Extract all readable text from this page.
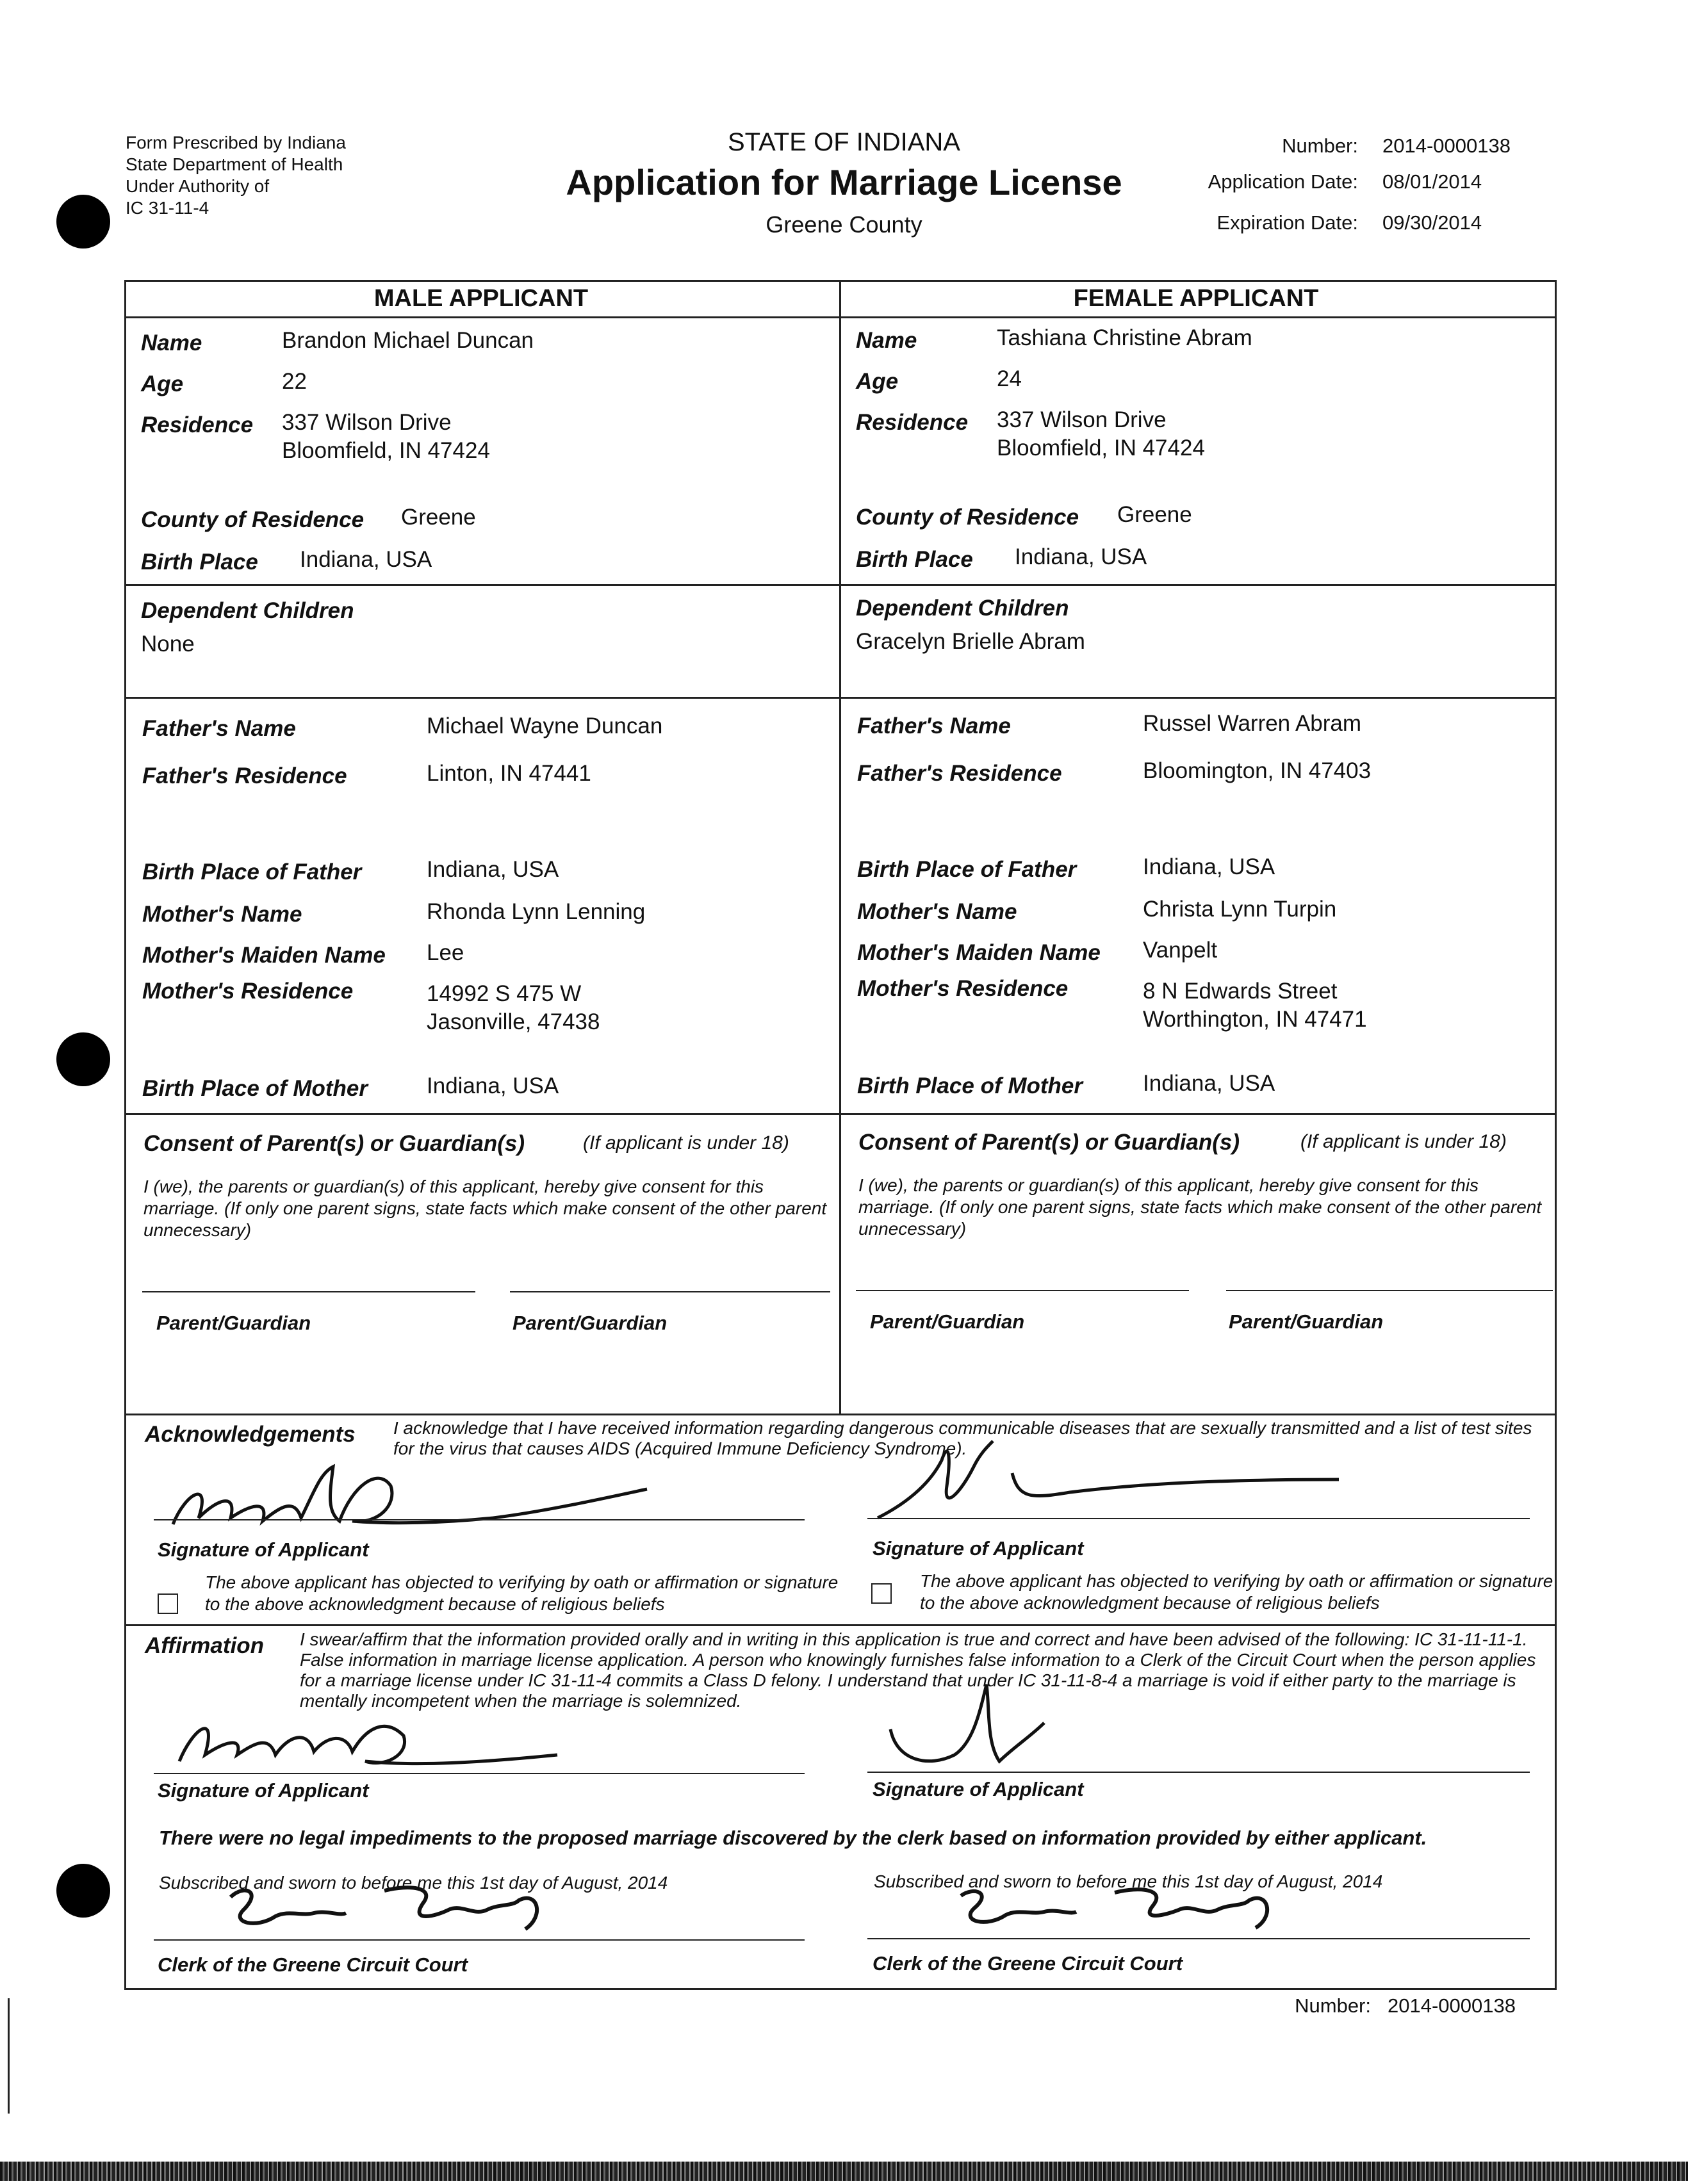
Form Prescribed by Indiana
State Department of Health
Under Authority of
IC 31-11-4
STATE OF INDIANA
Application for Marriage License
Greene County
Number: 2014-0000138
Application Date: 08/01/2014
Expiration Date: 09/30/2014
MALE APPLICANT	FEMALE APPLICANT
Name	Brandon Michael Duncan
Age	22
Residence 337 Wilson Drive
Bloomfield, IN 47424
County of Residence Greene
Birth Place Indiana, USA
Dependent Children
None
Father's Name	Michael Wayne Duncan
Father's Residence	Linton, IN 47441
Birth Place of Father	Indiana, USA
Mother's Name	Rhonda Lynn Lenning
Mother's Maiden Name Lee
Mother's Residence	14992 S 475 W
Jasonville, 47438
Birth Place of Mother	Indiana, USA
Name	Tashiana Christine Abram
Age	24
Residence 337 Wilson Drive
Bloomfield, IN 47424
County of Residence Greene
Birth Place Indiana, USA
Dependent Children
Gracelyn Brielle Abram
Father's Name	Russel Warren Abram
Father's Residence	Bloomington, IN 47403
Birth Place of Father	Indiana, USA
Mother's Name	Christa Lynn Turpin
Mother's Maiden Name Vanpelt
Mother's Residence	8 N Edwards Street
Worthington, IN 47471
Birth Place of Mother	Indiana, USA
Consent of Parent(s) or Guardian(s)	(If applicant is under 18)
I (we), the parents or guardian(s) of this applicant, hereby give consent for this marriage. (If only one parent signs, state facts which make consent of the other parent unnecessary)
Parent/Guardian	Parent/Guardian
Consent of Parent(s) or Guardian(s)	(If applicant is under 18)
I (we), the parents or guardian(s) of this applicant, hereby give consent for this marriage. (If only one parent signs, state facts which make consent of the other parent unnecessary)
Parent/Guardian	Parent/Guardian
Acknowledgements I acknowledge that I have received information regarding dangerous communicable diseases that are sexually transmitted and a list of test sites for the virus that causes AIDS (Acquired Immune Deficiency Syndrome).
Signature of Applicant
The above applicant has objected to verifying by oath or affirmation or signature to the above acknowledgment because of religious beliefs
Signature of Applicant
The above applicant has objected to verifying by oath or affirmation or signature to the above acknowledgment because of religious beliefs
Affirmation I swear/affirm that the information provided orally and in writing in this application is true and correct and have been advised of the following: IC 31-11-11-1. False information in marriage license application. A person who knowingly furnishes false information to a Clerk of the Circuit Court when the person applies for a marriage license under IC 31-11-4 commits a Class D felony. I understand that under IC 31-11-8-4 a marriage is void if either party to the marriage is mentally incompetent when the marriage is solemnized.
Signature of Applicant	Signature of Applicant
There were no legal impediments to the proposed marriage discovered by the clerk based on information provided by either applicant.
Subscribed and sworn to before me this 1st day of August, 2014
Clerk of the Greene Circuit Court
Subscribed and sworn to before me this 1st day of August, 2014
Clerk of the Greene Circuit Court
Number: 2014-0000138
